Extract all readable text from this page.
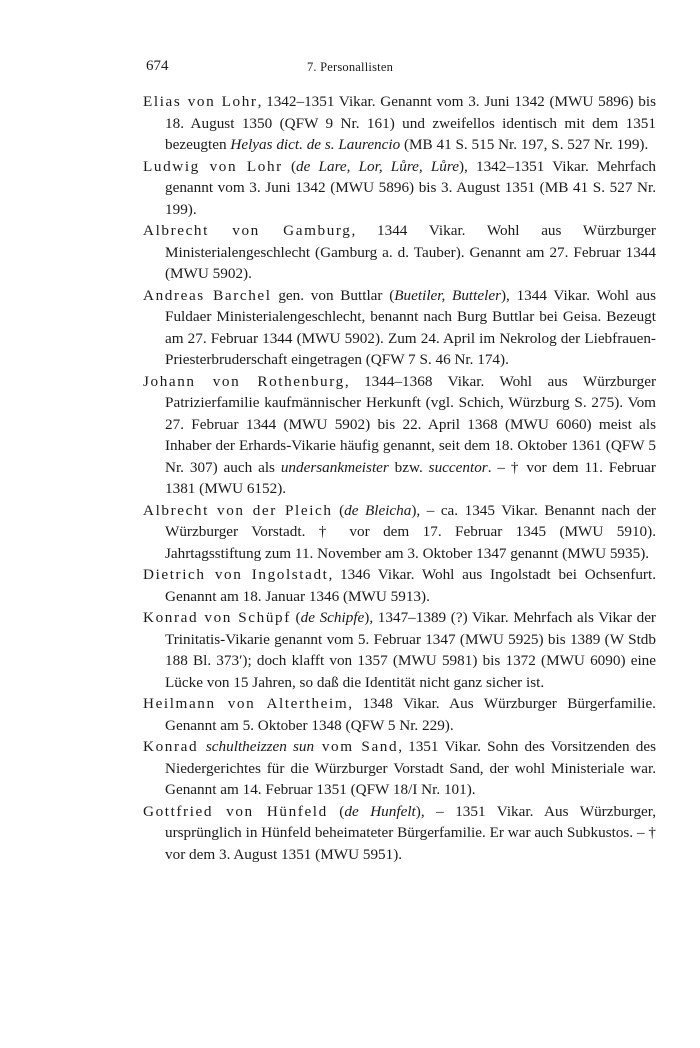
674	7. Personallisten

Elias von Lohr, 1342–1351 Vikar. Genannt vom 3. Juni 1342 (MWU 5896) bis 18. August 1350 (QFW 9 Nr. 161) und zweifellos identisch mit dem 1351 bezeugten Helyas dict. de s. Laurencio (MB 41 S. 515 Nr. 197, S. 527 Nr. 199).

Ludwig von Lohr (de Lare, Lor, Lůre, Lůre), 1342–1351 Vikar. Mehrfach genannt vom 3. Juni 1342 (MWU 5896) bis 3. August 1351 (MB 41 S. 527 Nr. 199).

Albrecht von Gamburg, 1344 Vikar. Wohl aus Würzburger Ministerialengeschlecht (Gamburg a. d. Tauber). Genannt am 27. Februar 1344 (MWU 5902).

Andreas Barchel gen. von Buttlar (Buetiler, Butteler), 1344 Vikar. Wohl aus Fuldaer Ministerialengeschlecht, benannt nach Burg Buttlar bei Geisa. Bezeugt am 27. Februar 1344 (MWU 5902). Zum 24. April im Nekrolog der Liebfrauen-Priesterbruderschaft eingetragen (QFW 7 S. 46 Nr. 174).

Johann von Rothenburg, 1344–1368 Vikar. Wohl aus Würzburger Patrizierfamilie kaufmännischer Herkunft (vgl. Schich, Würzburg S. 275). Vom 27. Februar 1344 (MWU 5902) bis 22. April 1368 (MWU 6060) meist als Inhaber der Erhards-Vikarie häufig genannt, seit dem 18. Oktober 1361 (QFW 5 Nr. 307) auch als undersankmeister bzw. succentor. – † vor dem 11. Februar 1381 (MWU 6152).

Albrecht von der Pleich (de Bleicha), – ca. 1345 Vikar. Benannt nach der Würzburger Vorstadt. † vor dem 17. Februar 1345 (MWU 5910). Jahrtagsstiftung zum 11. November am 3. Oktober 1347 genannt (MWU 5935).

Dietrich von Ingolstadt, 1346 Vikar. Wohl aus Ingolstadt bei Ochsenfurt. Genannt am 18. Januar 1346 (MWU 5913).

Konrad von Schüpf (de Schipfe), 1347–1389 (?) Vikar. Mehrfach als Vikar der Trinitatis-Vikarie genannt vom 5. Februar 1347 (MWU 5925) bis 1389 (W Stdb 188 Bl. 373′); doch klafft von 1357 (MWU 5981) bis 1372 (MWU 6090) eine Lücke von 15 Jahren, so daß die Identität nicht ganz sicher ist.

Heilmann von Altertheim, 1348 Vikar. Aus Würzburger Bürgerfamilie. Genannt am 5. Oktober 1348 (QFW 5 Nr. 229).

Konrad schultheizzen sun vom Sand, 1351 Vikar. Sohn des Vorsitzenden des Niedergerichtes für die Würzburger Vorstadt Sand, der wohl Ministeriale war. Genannt am 14. Februar 1351 (QFW 18/I Nr. 101).

Gottfried von Hünfeld (de Hunfelt), – 1351 Vikar. Aus Würzburger, ursprünglich in Hünfeld beheimateter Bürgerfamilie. Er war auch Subkustos. – † vor dem 3. August 1351 (MWU 5951).
